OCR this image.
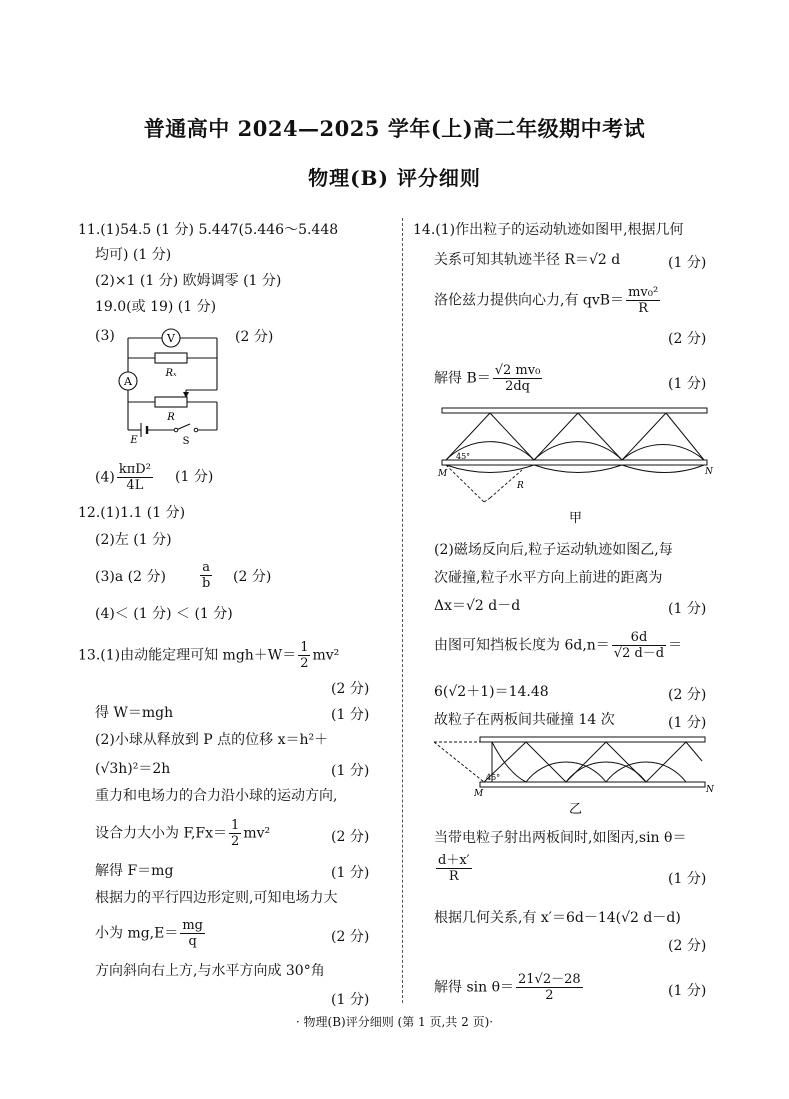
普通高中 2024—2025 学年(上)高二年级期中考试
物理(B) 评分细则
11.(1)54.5 (1 分) 5.447(5.446～5.448
均可) (1 分)
(2)×1 (1 分) 欧姆调零 (1 分)
19.0(或 19) (1 分)
(3)	(2 分)
V
A
Rₓ
R
E	S
$(4) \frac{\text{kπD²}}{4L} (1$ 分)
12.(1)1.1 (1 分)
(2)左 (1 分)
(3)a (2 分)	$\frac{a}{b} (2$ 分)
(4)＜ (1 分) ＜ (1 分)
13.(1)由动能定理可知 $mgh+W= \frac{1}{2} mv^2$
(2 分)
得 W＝mgh	(1 分)
(2)小球从释放到 P 点的位移 x＝h²＋
(√3h)²＝2h	(1 分)
重力和电场力的合力沿小球的运动方向,
设合力大小为 $F,Fx= \frac{1}{2} mv^2$	(2 分)
解得 F＝mg	(1 分)
根据力的平行四边形定则,可知电场力大
小为 $mg,E= \frac{mg}{q}$	(2 分)
方向斜向右上方,与水平方向成 30°角
(1 分)
14.(1)作出粒子的运动轨迹如图甲,根据几何
关系可知其轨迹半径 R＝√2 d	(1 分)
洛伦兹力提供向心力,有 $qvB= \frac{\text{mv₀²}}{R}$
(2 分)
解得 $B= \frac{\text{√2 mv₀}}{2dq}$	(1 分)
45°
M	N
R
甲
(2)磁场反向后,粒子运动轨迹如图乙,每
次碰撞,粒子水平方向上前进的距离为
Δx＝√2 d－d	(1 分)
由图可知挡板长度为 $6d,n= \frac{6d}{√2 d-d}$ ＝
6(√2＋1)＝14.48	(2 分)
故粒子在两板间共碰撞 14 次	(1 分)
45°
M	N
乙
当带电粒子射出两板间时,如图丙,sin θ＝
$\frac{d+x'}{R}$	(1 分)
根据几何关系,有 x′＝6d－14(√2 d－d)
(2 分)
解得 $\sin \theta= \frac{21√2-28}{2}$	(1 分)
· 物理(B)评分细则 (第 1 页,共 2 页)·
